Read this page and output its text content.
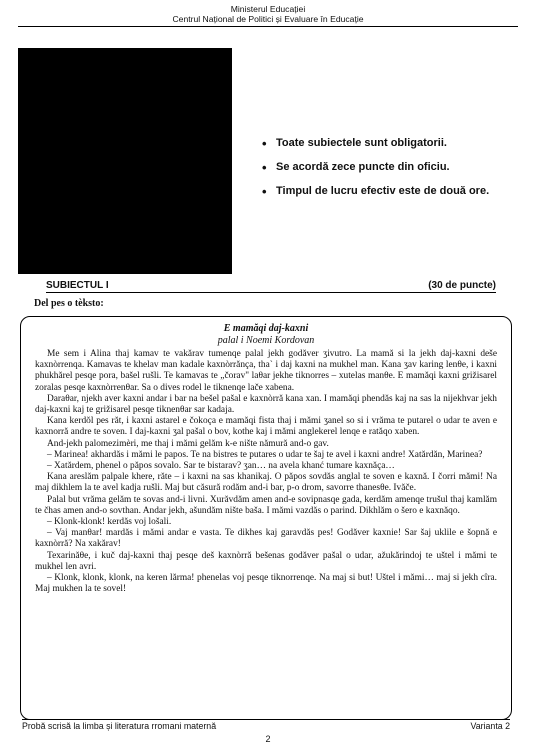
Ministerul Educației
Centrul Național de Politici și Evaluare în Educație
• Toate subiectele sunt obligatorii.
• Se acordă zece puncte din oficiu.
• Timpul de lucru efectiv este de două ore.
SUBIECTUL I	(30 de puncte)
Del pes o tèksto:
E mamăqi daj-kaxni
palal i Noemi Kordovan

Me sem i Alina thaj kamav te vakărav tumenqe palal jekh godăver ʒivutro. La mamă si la jekh daj-kaxni deše kaxnòrrenqa. Kamavas te khelav man kadale kaxnòrrănça, tha` i daj kaxni na mukhel man. Kana ʒav karing lenθe, i kaxni phukhărel pesqe pora, bašel rušli. Te kamavas te „čorav" laθar jekhe tiknorres – xutelas manθe. E mamăqi kaxni grižisarel zoralas pesqe kaxnòrrenθar. Sa o dives rodel le tiknenqe lače xabena.

Daraθar, njekh aver kaxni andar i bar na bešel pašal e kaxnòrră kana xan. I mamăqi phendăs kaj na sas la nijekhvar jekh daj-kaxni kaj te grižisarel pesqe tiknenθar sar kadaja.

Kana kerdŏl pes răt, i kaxni astarel e čokoça e mamăqi fista thaj i mămi ʒanel so si i vrăma te putarel o udar te aven e kaxnorră andre te soven. I daj-kaxni ʒal pašal o bov, kothe kaj i mămi anglekerel lenqe e ratăqo xaben.

And-jekh palomezimèri, me thaj i mămi gelăm k-e nište nămură and-o gav.

– Marinea! akhardăs i mămi le papos. Te na bistres te putares o udar te šaj te avel i kaxni andre! Xatărdăn, Marinea?

– Xatărdem, phenel o păpos sovalo. Sar te bistarav? ʒan… na avela khanć tumare kaxnăça…

Kana areslăm palpale khere, răte – i kaxni na sas khanikaj. O păpos sovdăs anglal te soven e kaxnă. I čorri mămi! Na maj dikhlem la te avel kadja rušli. Maj but căsură rodăm and-i bar, p-o drom, savorre thanesθe. Ivăče.

Palal but vrăma gelăm te sovas and-i livni. Xurăvdăm amen and-e sovipnasqe gada, kerdăm amenqe trušul thaj kamlăm te čhas amen and-o sovthan. Andar jekh, ašundăm nište baša. I mămi vazdăs o parind. Dikhlăm o šero e kaxnăqo.

– Klonk-klonk! kerdăs voj lošali.

– Vaj manθar! mardăs i mămi andar e vasta. Te dikhes kaj garavdăs pes! Godăver kaxnie! Sar šaj uklile e šopnă e kaxnòrră? Na xakărav!

Texarinăθe, i kuč daj-kaxni thaj pesqe deš kaxnòrră bešenas godăver pašal o udar, ažukărindoj te uštel i mămi te mukhel len avri.

– Klonk, klonk, klonk, na keren lărma! phenelas voj pesqe tiknorrenqe. Na maj si but! Uštel i mămi… maj si jekh cîra. Maj mukhen la te sovel!

Probă scrisă la limba și literatura rromani maternă	Varianta 2
2
